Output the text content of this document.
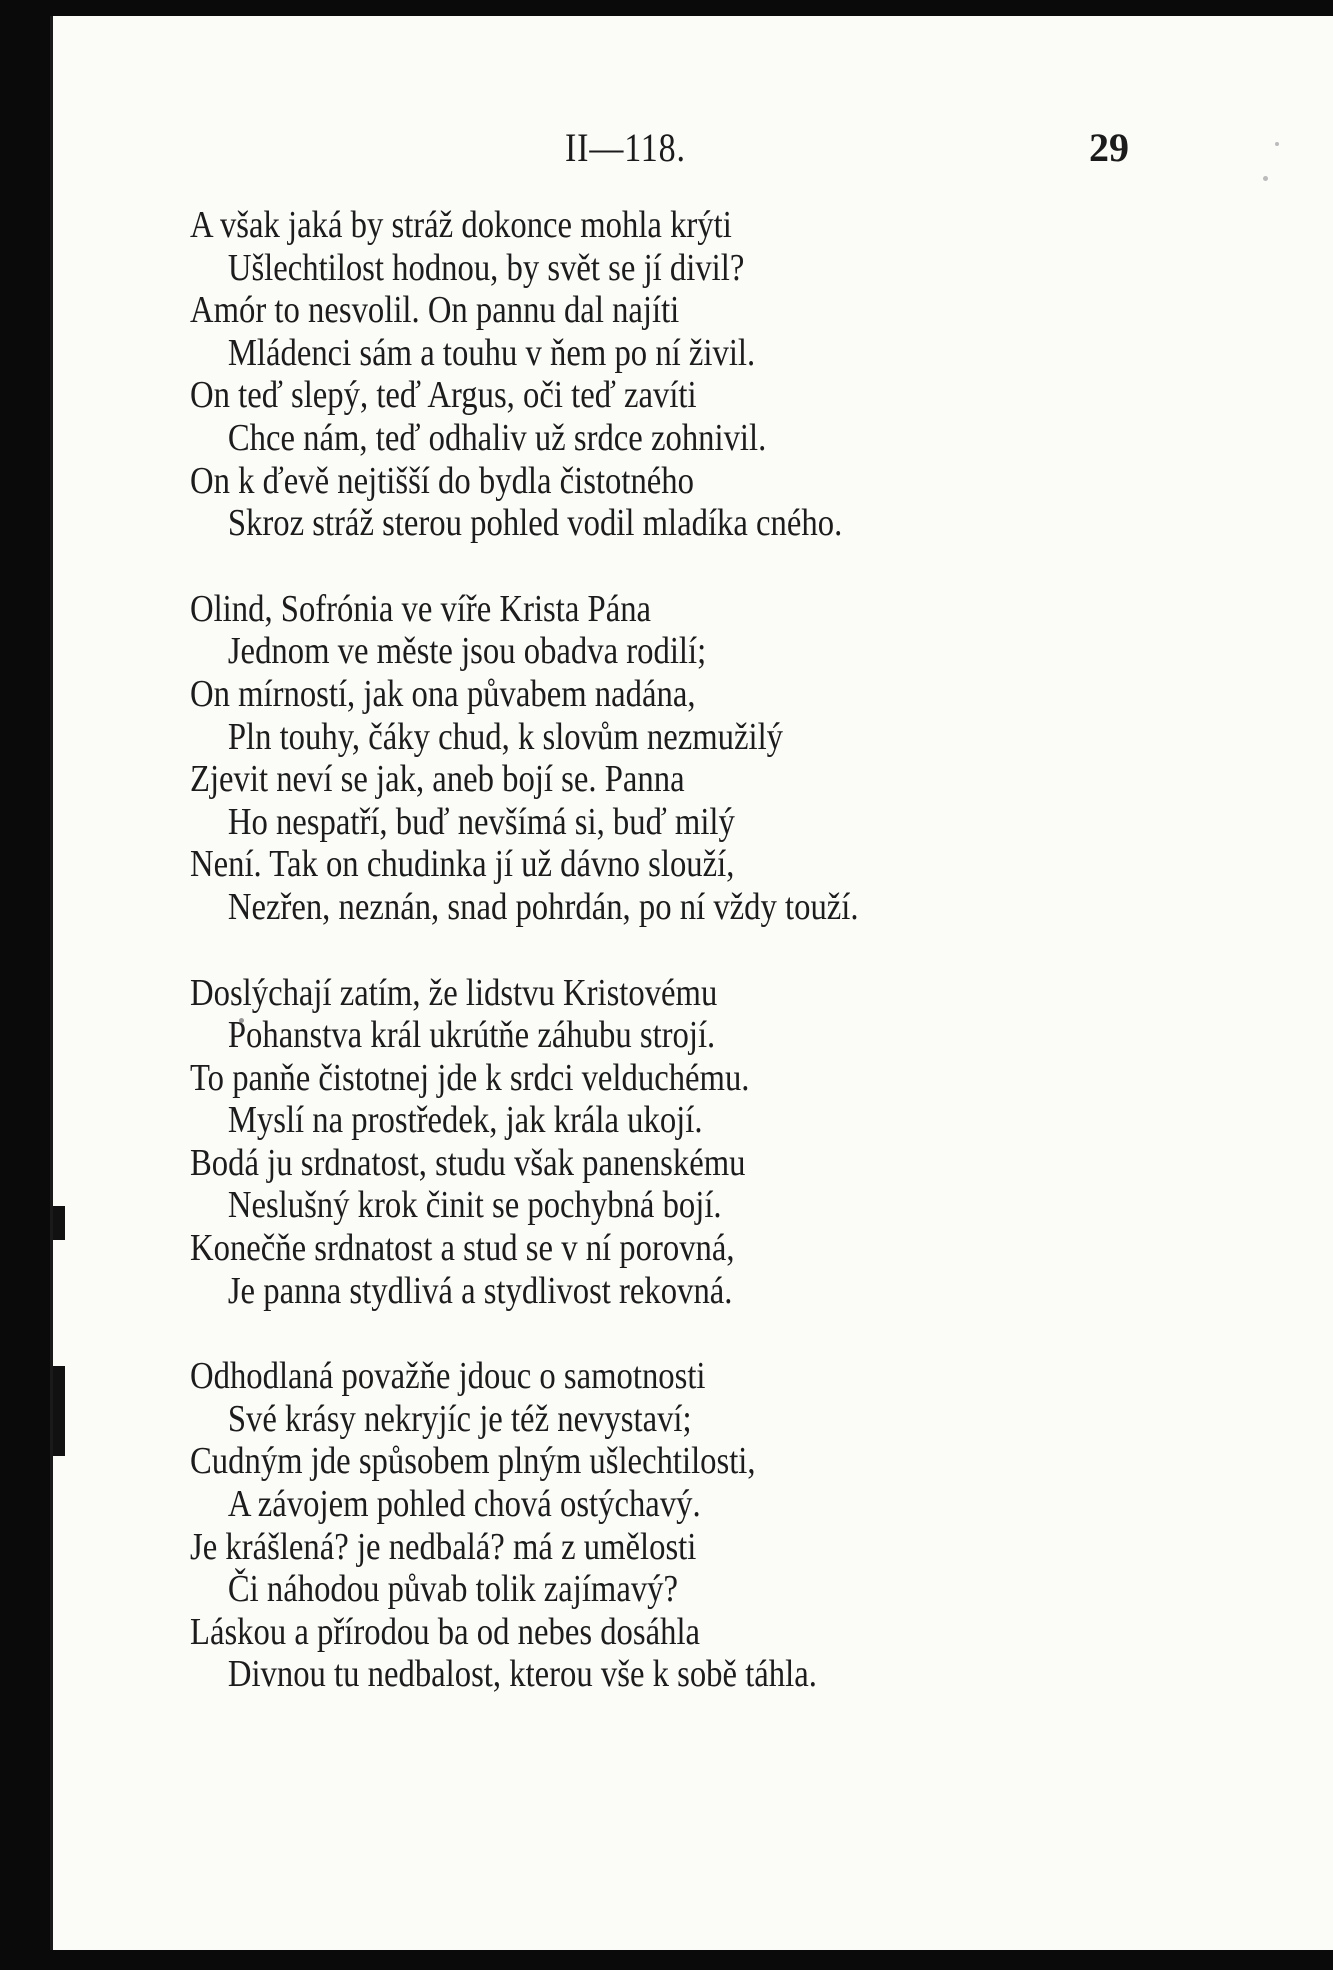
II—118.	29
A však jaká by stráž dokonce mohla krýti
Ušlechtilost hodnou, by svět se jí divil?
Amór to nesvolil. On pannu dal najíti
Mládenci sám a touhu v ňem po ní živil.
On teď slepý, teď Argus, oči teď zavíti
Chce nám, teď odhaliv už srdce zohnivil.
On k ďevě nejtišší do bydla čistotného
Skroz stráž sterou pohled vodil mladíka cného.
Olind, Sofrónia ve víře Krista Pána
Jednom ve měste jsou obadva rodilí;
On mírností, jak ona půvabem nadána,
Pln touhy, čáky chud, k slovům nezmužilý
Zjevit neví se jak, aneb bojí se. Panna
Ho nespatří, buď nevšímá si, buď milý
Není. Tak on chudinka jí už dávno slouží,
Nezřen, neznán, snad pohrdán, po ní vždy touží.
Doslýchají zatím, že lidstvu Kristovému
Pohanstva král ukrútňe záhubu strojí.
To panňe čistotnej jde k srdci velduchému.
Myslí na prostředek, jak krála ukojí.
Bodá ju srdnatost, studu však panenskému
Neslušný krok činit se pochybná bojí.
Konečňe srdnatost a stud se v ní porovná,
Je panna stydlivá a stydlivost rekovná.
Odhodlaná považňe jdouc o samotnosti
Své krásy nekryjíc je též nevystaví;
Cudným jde spůsobem plným ušlechtilosti,
A závojem pohled chová ostýchavý.
Je krášlená? je nedbalá? má z umělosti
Či náhodou půvab tolik zajímavý?
Láskou a přírodou ba od nebes dosáhla
Divnou tu nedbalost, kterou vše k sobě táhla.
